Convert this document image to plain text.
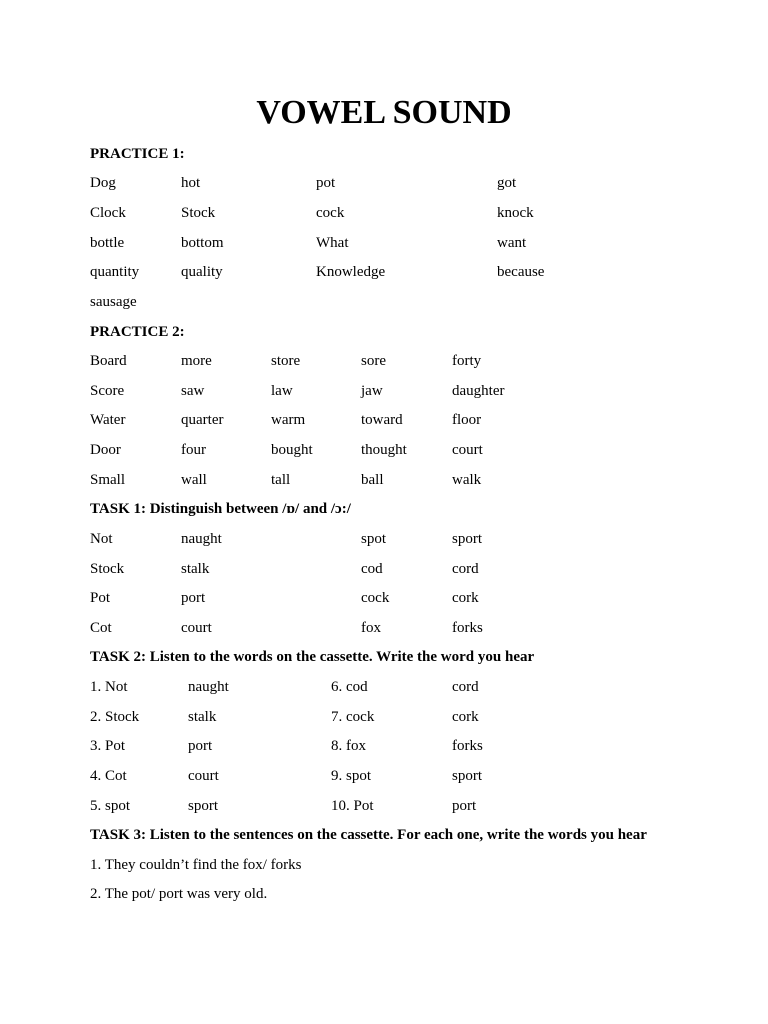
VOWEL SOUND
PRACTICE 1:
Dog	hot	pot	got
Clock	Stock	cock	knock
bottle	bottom	What	want
quantity	quality	Knowledge	because
sausage
PRACTICE 2:
Board	more	store	sore	forty
Score	saw	law	jaw	daughter
Water	quarter	warm	toward	floor
Door	four	bought	thought	court
Small	wall	tall	ball	walk
TASK 1: Distinguish between /ɒ/ and /ɔ:/
Not	naught	spot	sport
Stock	stalk	cod	cord
Pot	port	cock	cork
Cot	court	fox	forks
TASK 2: Listen to the words on the cassette. Write the word you hear
1. Not	naught	6. cod	cord
2. Stock	stalk	7. cock	cork
3. Pot	port	8. fox	forks
4. Cot	court	9. spot	sport
5. spot	sport	10. Pot	port
TASK 3: Listen to the sentences on the cassette. For each one, write the words you hear
1. They couldn’t find the fox/ forks
2. The pot/ port was very old.
